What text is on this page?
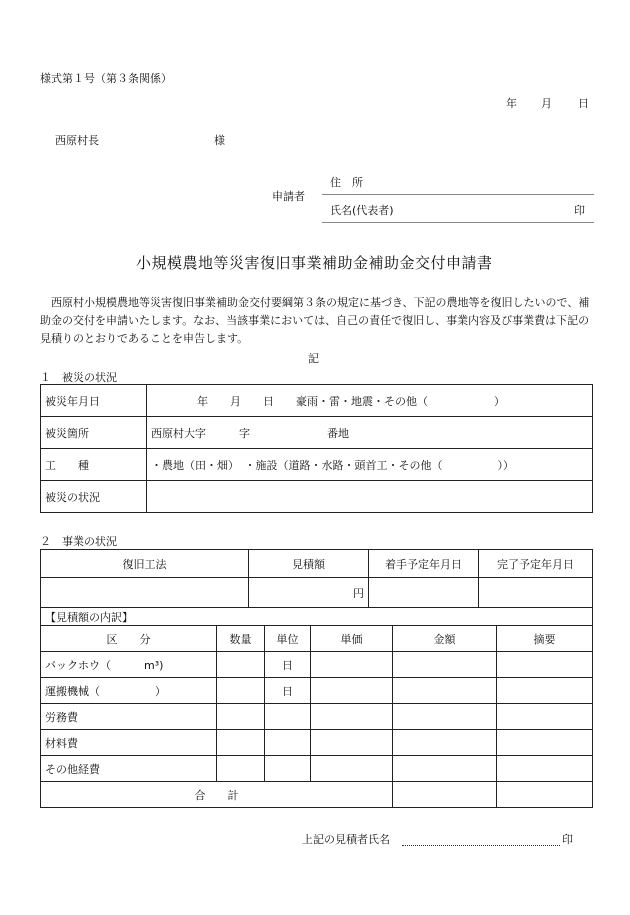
様式第１号（第３条関係）
年 月 日
西原村長	様
申請者
住　所
氏名(代表者)	印
小規模農地等災害復旧事業補助金補助金交付申請書
西原村小規模農地等災害復旧事業補助金交付要綱第３条の規定に基づき、下記の農地等を復旧したいので、補助金の交付を申請いたします。なお、当該事業においては、自己の責任で復旧し、事業内容及び事業費は下記の見積りのとおりであることを申告します。
記
１　被災の状況
被災年月日	年　　月　　日　　豪雨・雷・地震・その他（　　　　　　）
被災箇所	西原村大字　　　字　　　　　　　番地
工　　種	・農地（田・畑）　・施設（道路・水路・頭首工・その他（　　　　　））
被災の状況	
２　事業の状況
復旧工法	見積額	着手予定年月日	完了予定年月日
	円		
【見積額の内訳】					
区　　分	数量	単位	単価	金額	摘要
バックホウ（　　　m³)		日			
運搬機械（　　　　　）		日			
労務費					
材料費					
その他経費					
合　　計					
上記の見積者氏名	印
